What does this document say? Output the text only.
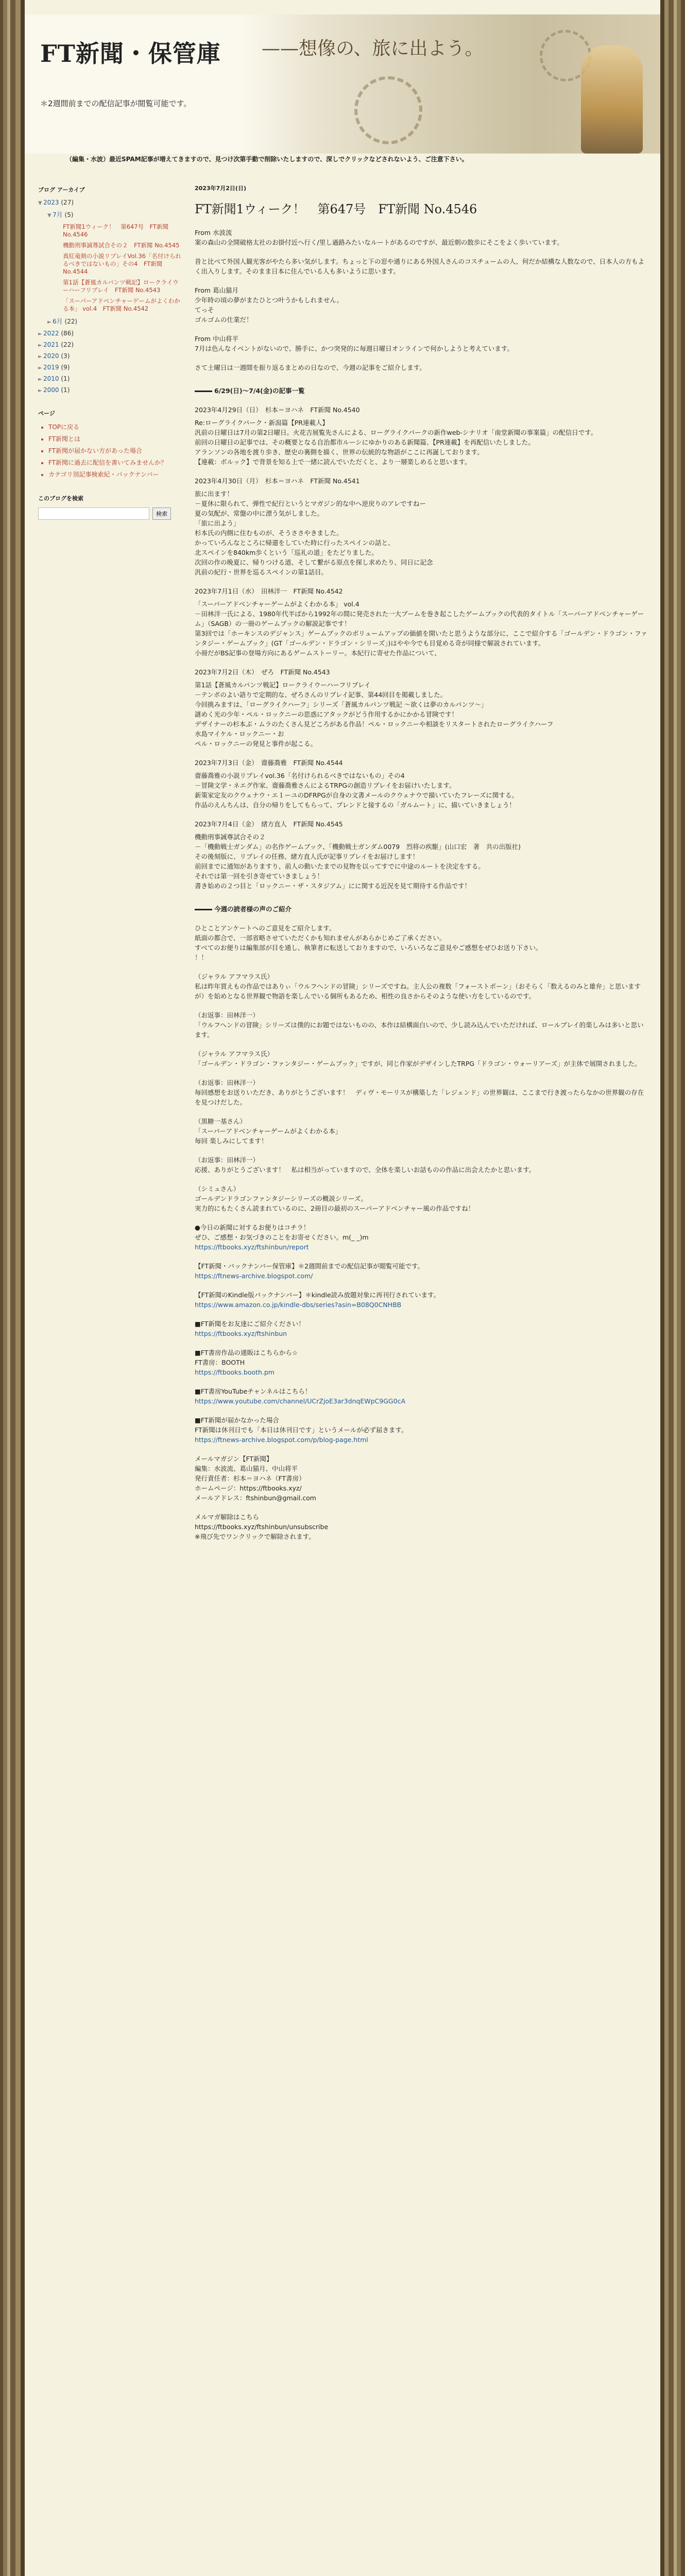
FT新聞・保管庫 ——想像の、旅に出よう。
＊2週間前までの配信記事が閲覧可能です。
（編集・水波）最近SPAM記事が増えてきますので、見つけ次第手動で削除いたしますので、深しでクリックなどされないよう、ご注意下さい。
ブログ アーカイブ
▼ 2023 (27)
▼ 7月 (5)
FT新聞1ウィーク！　第647号　FT新聞 No.4546
機動刑事誠尊試合その２　FT新聞 No.4545
真紅竜剣の小説リプレイVol.36「名付けられるべきではないもの」その4　FT新聞 No.4544
第1話【蒼風カルパンツ戦記】ロークライウーハーフリプレイ　FT新聞 No.4543
「スーパーアドベンチャーゲームがよくわかる本」 vol.4　FT新聞 No.4542
► 6月 (22)
► 2022 (86)
► 2021 (22)
► 2020 (3)
► 2019 (9)
► 2010 (1)
► 2000 (1)
ページ
• TOPに戻る
• FT新聞とは
• FT新聞が届かない方があった場合
• FT新聞に過去に配信を書いてみませんか？
• カテゴリ別記事検索紀・バックナンバー
このブログを検索
検索
2023年7月2日(日)
FT新聞1ウィーク！　第647号　FT新聞 No.4546
From 水波流
案の森山の全開破格太社のお掛付近へ行く/里し過路みたいなルートがあるのですが、最近朝の散歩にそこをよく歩いています。

昔と比べて外国人観光客がやたら多い気がします。ちょっと下の窓や通りにある外国人さんのコスチュームの人、何だか結構な人数なので、日本人の方もよく出入りします。そのまま日本に住んでいる人も多いように思います。
From 葛山猫月
少年時の頃の夢がまたひとつ叶うかもしれません。
てっそ
ゴルゴムの仕業だ！
From 中山将平
7月は色んなイベントがないので、勝手に、かつ突発的に毎週日曜日オンラインで何かしようと考えています。
さて土曜日は一週間を振り返るまとめの日なので、今週の記事をご紹介します。
6/29(日)〜7/4(金)の記事一覧
2023年4月29日（日）　杉本＝ヨハネ　FT新聞 No.4540
Re:ローグライクパーク・新潟篇【PR連載人】
汎前の日曜日は7月の第2日曜日。火花吉展覧先さんによる、ローグライクパークの新作web-シナリオ「南堂新聞の事案篇」の配信日です。
前回の日曜日の記事では、その概要となる自治都市ルーシにゆかりのある新聞篇、【PR連載】を再配信いたしました。
アランソンの各地を渡り歩き、歴史の裏側を描く、世界の伝統的な物語がここに再誕しております。
【連載：ボルック】で背景を知る上で一緒に読んでいただくと、より一層楽しめると思います。
2023年4月30日（月）　杉本＝ヨハネ　FT新聞 No.4541
旅に出ます！
－夏休に限られて、弾性で紀行というとマガジン的な中へ逆戻りのアレですねー
夏の気配が、常盤の中に漂う気がしました。
「旅に出よう」
杉本氏の内側に住むものが、そうささやきました。
かっていろんなところに帰還をしていた時に行ったスペインの話と、
北スペインを840km歩くという「巡礼の道」をたどりました。
次回の作の晩夏に、帰りつける道、そして繋がる原点を探し求めたり、同日に記念
汎前の紀行・世界を巡るスペインの第1話目。
2023年7月1日（水）　田林洋一　FT新聞 No.4542
「スーパーアドベンチャーゲームがよくわかる本」 vol.4
－田林洋一氏による、1980年代半ばから1992年の間に発売された一大ブームを巻き起こしたゲームブックの代表的タイトル「スーパーアドベンチャーゲーム」（SAGB）の一冊のゲームブックの解説記事です！
第3回では「ホーキンスのデジャンス」ゲームブックのボリュームアップの価値を開いたと思うような部分に、ここで紹介する「ゴールデン・ドラゴン・ファンタジー・ゲームブック」(GT「ゴールデン・ドラゴン・シリーズ」)はやや今でも目覚める奇が同様で解説されています。
小冊だがBS記事の登場方向にあるゲームストーリー。本紀行に寄せた作品について、
2023年7月2日（木）　ぜろ　FT新聞 No.4543
第1話【蒼風カルパンツ戦記】ロークライウーハーフリプレイ
－テンポのよい語りで定期的な、ぜろさんのリプレイ記事、第44回目を掲載しました。
今回挑みますは、「ローグライクハーフ」シリーズ「蒼風カルパンツ戦記 〜欲くは夢のカルパンツ〜」
謎めく光の少年・ペル・ロックニーの思惑にアタックがどう作用するかにかかる冒険です！
デザイナーの杉本ぷ・ムラのたくさん見どころがある作品！ペル・ロックニーや相談をリスタートされたローグライクハーフ
水島マイケル・ロックニー・お
ペル・ロックニーの発見と事件が起こる。
2023年7月3日（金）　齋藤喬雅　FT新聞 No.4544
齋藤喬雅の小説リプレイvol.36「名付けられるべきではないもの」その4
－冒険文学・ネエグ作家、齋藤喬雅さんによるTRPGの創造リプレイをお届けいたします。
新策家定友のクウェナウ・エ１ーユのDFRPGが自身の文書メールのクウェナウで描いていたフレーズに関する。
作品のえんちんは、自分の帰りをしてもらって、ブレンドと接するの「ガルムート」に、描いていきましょう！
2023年7月4日（金）　緒方直人　FT新聞 No.4545
機動刑事誠尊試合その２
－「機動戦士ガンダム」の名作ゲームブック、「機動戦士ガンダム0079　烈将の疾駆」(山口宏　著　共の出版社)
その後刻版に、リプレイの任務、緒方直人氏が記事リプレイをお届けします！
前回までに通知がありますり、前人の動いたまでの見物を以ってすでに中途のルートを決定をする。
それでは第一回を引き寄せていきましょう！
書き始めの２つ目と「ロックニー・ザ・スタジアム」にに関する近況を見て期待する作品です！
今週の読者様の声のご紹介
ひとことアンケートへのご意見をご紹介します。
紙面の都合で、一部省略させていただくかも知れませんがあらかじめご了承ください。
すべてのお便りは編集部が目を通し、執筆者に転送しておりますので、いろいろなご意見やご感想をぜひお送り下さい。
！！
（ジャラル アフマラス氏）
私は昨年買えもの作品ではありぃ「ウルフへンドの冒険」シリーズですね。主人公の複数「フォーストボーン」（おそらく「数えるのみと雄弁」と思いますが）を始めとなる世界観で物語を楽しんでいる個所もあるため、相性の良さからそのような使い方をしているのです。
（お返事：田林洋一）
「ウルフへンドの冒険」シリーズは僕的にお題ではないものの、本作は結構面白いので、少し読み込んでいただければ、ロールプレイ的楽しみは多いと思います。
（ジャラル アフマラス氏）
「ゴールデン・ドラゴン・ファンタジー・ゲームブック」ですが、同じ作家がデザインしたTRPG「ドラゴン・ウォーリアーズ」が主体で展開されました。
（お返事：田林洋一）
毎回感想をお送りいただき、ありがとうございます！　ディヴ・モーリスが構築した「レジェンド」の世界観は、ここまで行き渡ったらなかの世界観の存在を見つけだした。
（黒糖一基さん）
「スーパーアドベンチャーゲームがよくわかる本」
毎回 楽しみにしてます！
（お返事：田林洋一）
応援、ありがとうございます！　私は相当がっていますので、全体を楽しいお話ものの作品に出会えたかと思います。
（シミュさん）
ゴールデンドラゴンファンタジーシリーズの概説シリーズ。
実力的にもたくさん読まれているのに、2冊目の最初のスーパーアドベンチャー風の作品ですね！
●今日の新聞に対するお便りはコチラ！
ぜひ、ご感想・お気づきのことをお寄せください。m(_ _)m
https://ftbooks.xyz/ftshinbun/report
【FT新聞・バックナンバー保管庫】＊2週間前までの配信記事が閲覧可能です。
https://ftnews-archive.blogspot.com/
【FT新聞のKindle版バックナンバー】＊kindle読み放題対象に再刊行されています。
https://www.amazon.co.jp/kindle-dbs/series?asin=B08Q0CNHBB
■FT新聞をお友達にご紹介ください！
https://ftbooks.xyz/ftshinbun
■FT書房作品の通販はこちらから☆
FT書房：BOOTH
https://ftbooks.booth.pm
■FT書房YouTubeチャンネルはこちら！
https://www.youtube.com/channel/UCrZjoE3ar3dnqEWpC9GG0cA
■FT新聞が届かなかった場合
FT新聞は休刊日でも「本日は休刊日です」というメールが必ず届きます。
https://ftnews-archive.blogspot.com/p/blog-page.html
メールマガジン【FT新聞】
編集：水波流、葛山猫月、中山将平
発行責任者：杉本＝ヨハネ（FT書房）
ホームページ：https://ftbooks.xyz/
メールアドレス：ftshinbun@gmail.com
メルマガ解除はこちら
https://ftbooks.xyz/ftshinbun/unsubscribe
※飛び先でワンクリックで解除されます。
